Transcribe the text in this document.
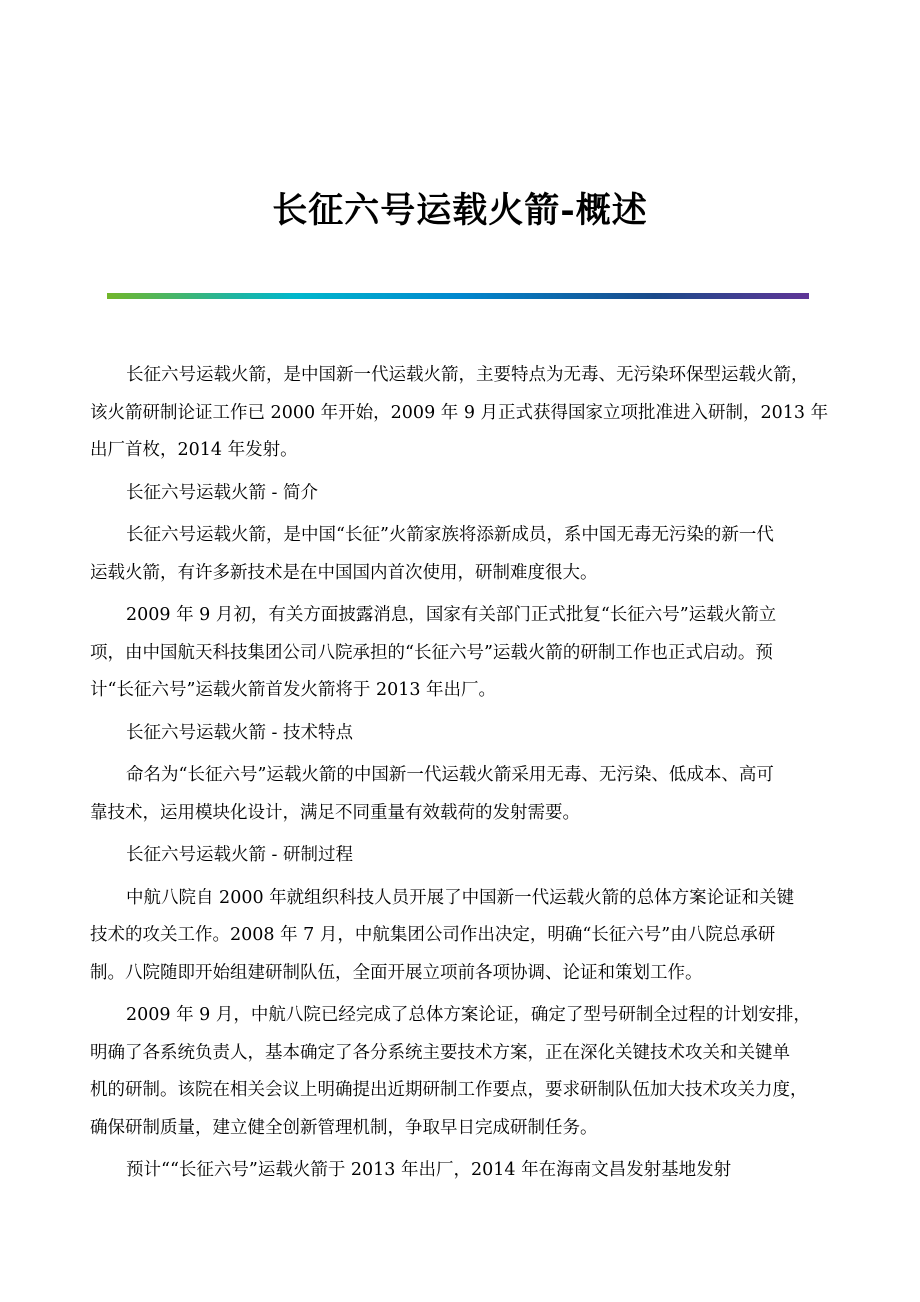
长征六号运载火箭-概述

长征六号运载火箭，是中国新一代运载火箭，主要特点为无毒、无污染环保型运载火箭，
该火箭研制论证工作已 2000 年开始，2009 年 9 月正式获得国家立项批准进入研制，2013 年
出厂首枚，2014 年发射。

长征六号运载火箭 - 简介

长征六号运载火箭，是中国“长征”火箭家族将添新成员，系中国无毒无污染的新一代
运载火箭，有许多新技术是在中国国内首次使用，研制难度很大。

2009 年 9 月初，有关方面披露消息，国家有关部门正式批复“长征六号”运载火箭立
项，由中国航天科技集团公司八院承担的“长征六号”运载火箭的研制工作也正式启动。预
计“长征六号”运载火箭首发火箭将于 2013 年出厂。

长征六号运载火箭 - 技术特点

命名为“长征六号”运载火箭的中国新一代运载火箭采用无毒、无污染、低成本、高可
靠技术，运用模块化设计，满足不同重量有效载荷的发射需要。

长征六号运载火箭 - 研制过程

中航八院自 2000 年就组织科技人员开展了中国新一代运载火箭的总体方案论证和关键
技术的攻关工作。2008 年 7 月，中航集团公司作出决定，明确“长征六号”由八院总承研
制。八院随即开始组建研制队伍，全面开展立项前各项协调、论证和策划工作。

2009 年 9 月，中航八院已经完成了总体方案论证，确定了型号研制全过程的计划安排，
明确了各系统负责人，基本确定了各分系统主要技术方案，正在深化关键技术攻关和关键单
机的研制。该院在相关会议上明确提出近期研制工作要点，要求研制队伍加大技术攻关力度，
确保研制质量，建立健全创新管理机制，争取早日完成研制任务。

预计““长征六号”运载火箭于 2013 年出厂，2014 年在海南文昌发射基地发射
